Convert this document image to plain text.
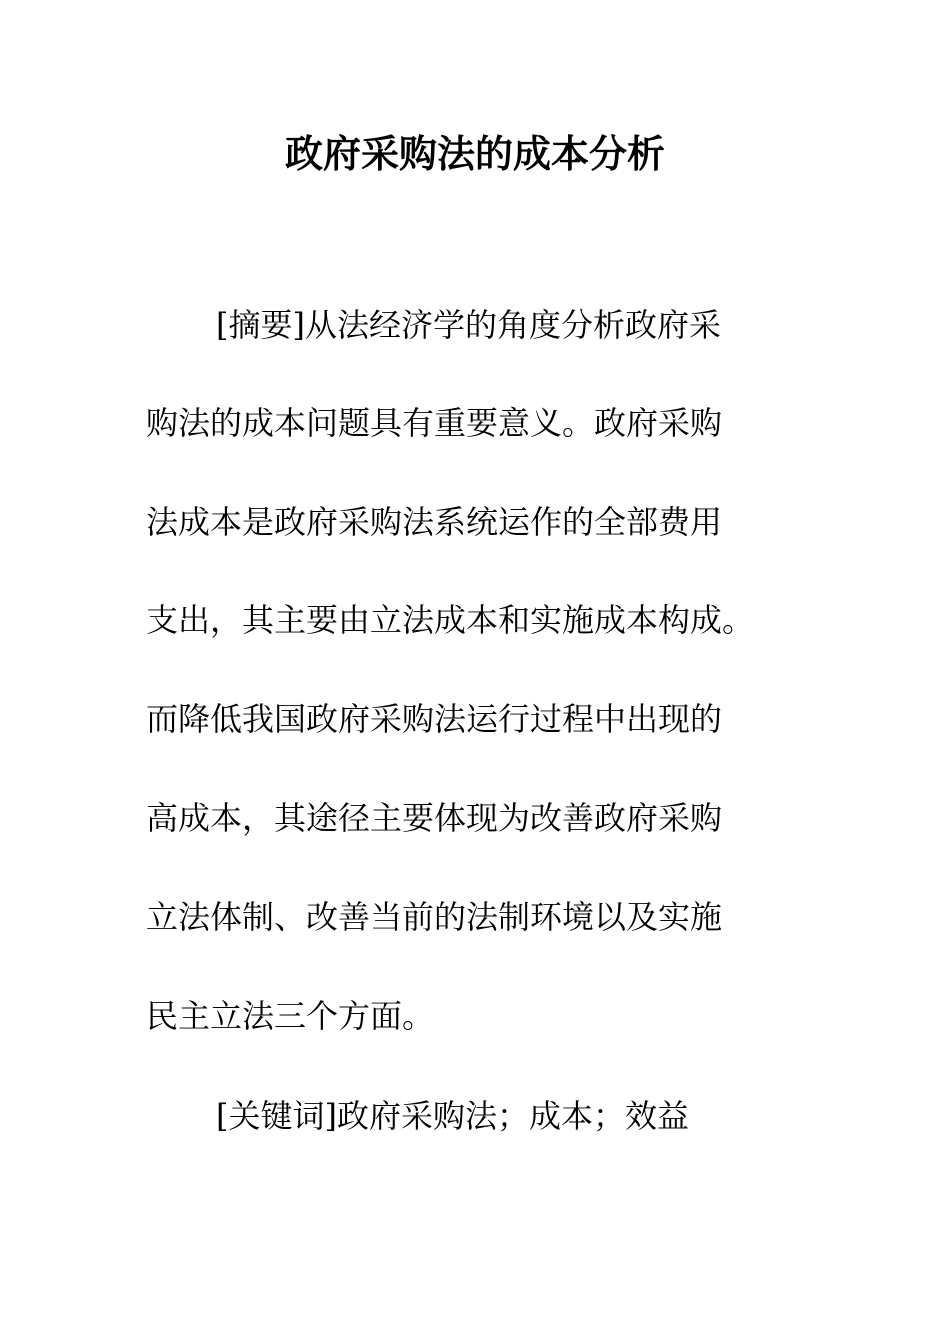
政府采购法的成本分析
[摘要]从法经济学的角度分析政府采
购法的成本问题具有重要意义。政府采购
法成本是政府采购法系统运作的全部费用
支出，其主要由立法成本和实施成本构成。
而降低我国政府采购法运行过程中出现的
高成本，其途径主要体现为改善政府采购
立法体制、改善当前的法制环境以及实施
民主立法三个方面。
[关键词]政府采购法；成本；效益
